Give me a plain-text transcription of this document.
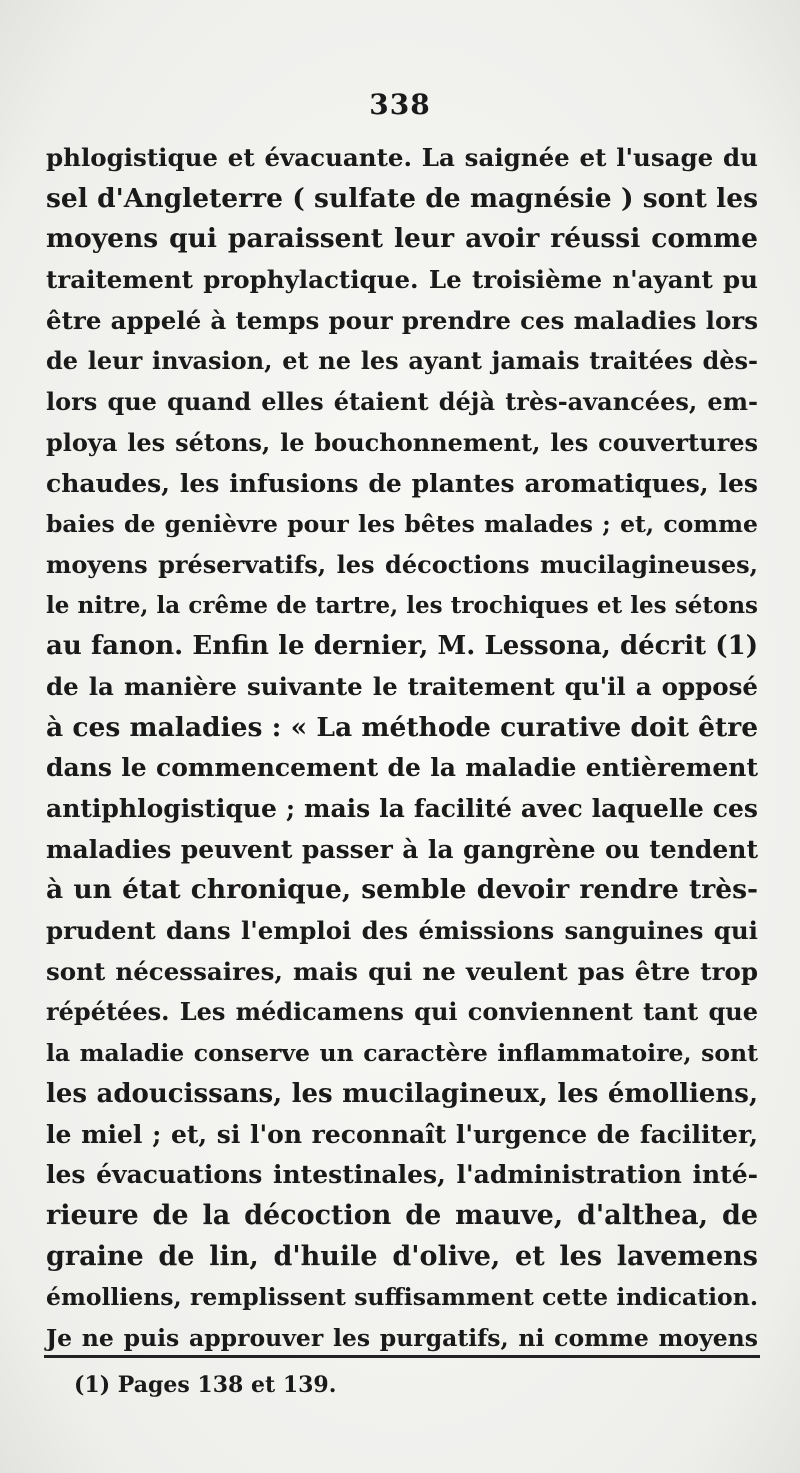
338
phlogistique et évacuante. La saignée et l'usage du
sel d'Angleterre ( sulfate de magnésie ) sont les
moyens qui paraissent leur avoir réussi comme
traitement prophylactique. Le troisième n'ayant pu
être appelé à temps pour prendre ces maladies lors
de leur invasion, et ne les ayant jamais traitées dès-
lors que quand elles étaient déjà très-avancées, em-
ploya les sétons, le bouchonnement, les couvertures
chaudes, les infusions de plantes aromatiques, les
baies de genièvre pour les bêtes malades ; et, comme
moyens préservatifs, les décoctions mucilagineuses,
le nitre, la crême de tartre, les trochiques et les sétons
au fanon. Enfin le dernier, M. Lessona, décrit (1)
de la manière suivante le traitement qu'il a opposé
à ces maladies : « La méthode curative doit être
dans le commencement de la maladie entièrement
antiphlogistique ; mais la facilité avec laquelle ces
maladies peuvent passer à la gangrène ou tendent
à un état chronique, semble devoir rendre très-
prudent dans l'emploi des émissions sanguines qui
sont nécessaires, mais qui ne veulent pas être trop
répétées. Les médicamens qui conviennent tant que
la maladie conserve un caractère inflammatoire, sont
les adoucissans, les mucilagineux, les émolliens,
le miel ; et, si l'on reconnaît l'urgence de faciliter,
les évacuations intestinales, l'administration inté-
rieure de la décoction de mauve, d'althea, de
graine de lin, d'huile d'olive, et les lavemens
émolliens, remplissent suffisamment cette indication.
Je ne puis approuver les purgatifs, ni comme moyens
(1) Pages 138 et 139.
